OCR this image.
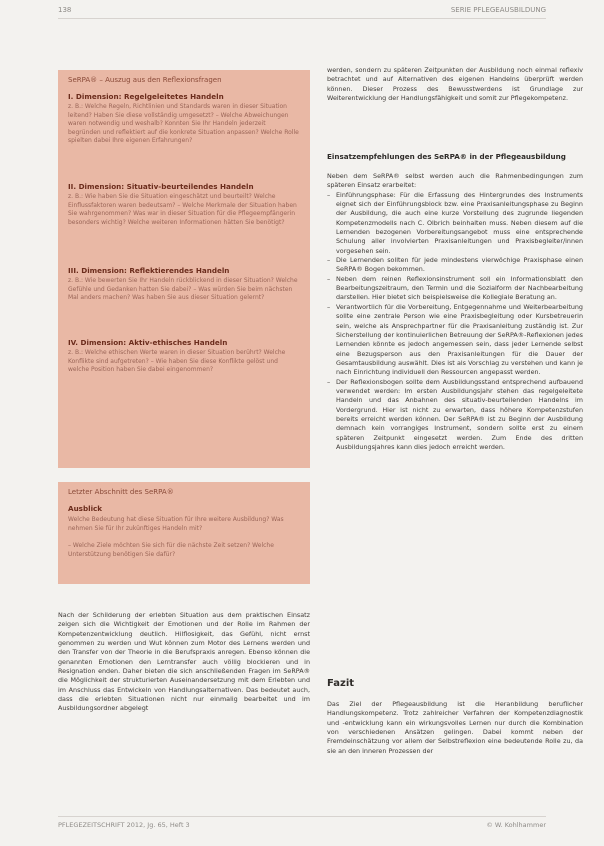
138	SERIE PFLEGEAUSBILDUNG
SeRPA® – Auszug aus den Reflexionsfragen
I. Dimension: Regelgeleitetes Handeln

z. B.: Welche Regeln, Richtlinien und Standards waren in dieser Situation leitend? Haben Sie diese vollständig umgesetzt? – Welche Abweichungen waren notwendig und weshalb? Konnten Sie Ihr Handeln jederzeit begründen und reflektiert auf die konkrete Situation anpassen? Welche Rolle spielten dabei Ihre eigenen Erfahrungen?

II. Dimension: Situativ-beurteilendes Handeln

z. B.: Wie haben Sie die Situation eingeschätzt und beurteilt? Welche Einflussfaktoren waren bedeutsam? – Welche Merkmale der Situation haben Sie wahrgenommen? Was war in dieser Situation für die Pflegeempfängerin besonders wichtig? Welche weiteren Informationen hätten Sie benötigt?

III. Dimension: Reflektierendes Handeln

z. B.: Wie bewerten Sie Ihr Handeln rückblickend in dieser Situation? Welche Gefühle und Gedanken hatten Sie dabei? – Was würden Sie beim nächsten Mal anders machen? Was haben Sie aus dieser Situation gelernt?

IV. Dimension: Aktiv-ethisches Handeln

z. B.: Welche ethischen Werte waren in dieser Situation berührt? Welche Konflikte sind aufgetreten? – Wie haben Sie diese Konflikte gelöst und welche Position haben Sie dabei eingenommen?

Letzter Abschnitt des SeRPA®
Ausblick

Welche Bedeutung hat diese Situation für Ihre weitere Ausbildung? Was nehmen Sie für Ihr zukünftiges Handeln mit?

– Welche Ziele möchten Sie sich für die nächste Zeit setzen? Welche Unterstützung benötigen Sie dafür?

Nach der Schilderung der erlebten Situation aus dem praktischen Einsatz zeigen sich die Wichtigkeit der Emotionen und der Rolle im Rahmen der Kompetenzentwicklung deutlich. Hilflosigkeit, das Gefühl, nicht ernst genommen zu werden und Wut können zum Motor des Lernens werden und den Transfer von der Theorie in die Berufspraxis anregen. Ebenso können die genannten Emotionen den Lerntransfer auch völlig blockieren und in Resignation enden. Daher bieten die sich anschließenden Fragen im SeRPA® die Möglichkeit der strukturierten Auseinandersetzung mit dem Erlebten und im Anschluss das Entwickeln von Handlungsalternativen. Das bedeutet auch, dass die erlebten Situationen nicht nur einmalig bearbeitet und im Ausbildungsordner abgelegt

werden, sondern zu späteren Zeitpunkten der Ausbildung noch einmal reflexiv betrachtet und auf Alternativen des eigenen Handelns überprüft werden können. Dieser Prozess des Bewusstwerdens ist Grundlage zur Weiterentwicklung der Handlungsfähigkeit und somit zur Pflegekompetenz.

Einsatzempfehlungen des SeRPA® in der Pflegeausbildung

Neben dem SeRPA® selbst werden auch die Rahmenbedingungen zum späteren Einsatz erarbeitet:

– Einführungsphase: Für die Erfassung des Hintergrundes des Instruments eignet sich der Einführungsblock bzw. eine Praxisanleitungsphase zu Beginn der Ausbildung, die auch eine kurze Vorstellung des zugrunde liegenden Kompetenzmodells nach C. Olbrich beinhalten muss. Neben diesem auf die Lernenden bezogenen Vorbereitungsangebot muss eine entsprechende Schulung aller involvierten Praxisanleitungen und Praxisbegleiter/innen vorgesehen sein.
– Die Lernenden sollten für jede mindestens vierwöchige Praxisphase einen SeRPA® Bogen bekommen.
– Neben dem reinen Reflexionsinstrument soll ein Informationsblatt den Bearbeitungszeitraum, den Termin und die Sozialform der Nachbearbeitung darstellen. Hier bietet sich beispielsweise die Kollegiale Beratung an.
– Verantwortlich für die Vorbereitung, Entgegennahme und Weiterbearbeitung sollte eine zentrale Person wie eine Praxisbegleitung oder Kursbetreuerin sein, welche als Ansprechpartner für die Praxisanleitung zuständig ist. Zur Sicherstellung der kontinuierlichen Betreuung der SeRPA®-Reflexionen jedes Lernenden könnte es jedoch angemessen sein, dass jeder Lernende selbst eine Bezugsperson aus den Praxisanleitungen für die Dauer der Gesamtausbildung auswählt. Dies ist als Vorschlag zu verstehen und kann je nach Einrichtung individuell den Ressourcen angepasst werden.
– Der Reflexionsbogen sollte dem Ausbildungsstand entsprechend aufbauend verwendet werden: Im ersten Ausbildungsjahr stehen das regelgeleitete Handeln und das Anbahnen des situativ-beurteilenden Handelns im Vordergrund. Hier ist nicht zu erwarten, dass höhere Kompetenzstufen bereits erreicht werden können. Der SeRPA® ist zu Beginn der Ausbildung demnach kein vorrangiges Instrument, sondern sollte erst zu einem späteren Zeitpunkt eingesetzt werden. Zum Ende des dritten Ausbildungsjahres kann dies jedoch erreicht werden.
Fazit

Das Ziel der Pflegeausbildung ist die Heranbildung beruflicher Handlungskompetenz. Trotz zahlreicher Verfahren der Kompetenzdiagnostik und -entwicklung kann ein wirkungsvolles Lernen nur durch die Kombination von verschiedenen Ansätzen gelingen. Dabei kommt neben der Fremdeinschätzung vor allem der Selbstreflexion eine bedeutende Rolle zu, da sie an den inneren Prozessen der

PFLEGEZEITSCHRIFT 2012, Jg. 65, Heft 3	© W. Kohlhammer
